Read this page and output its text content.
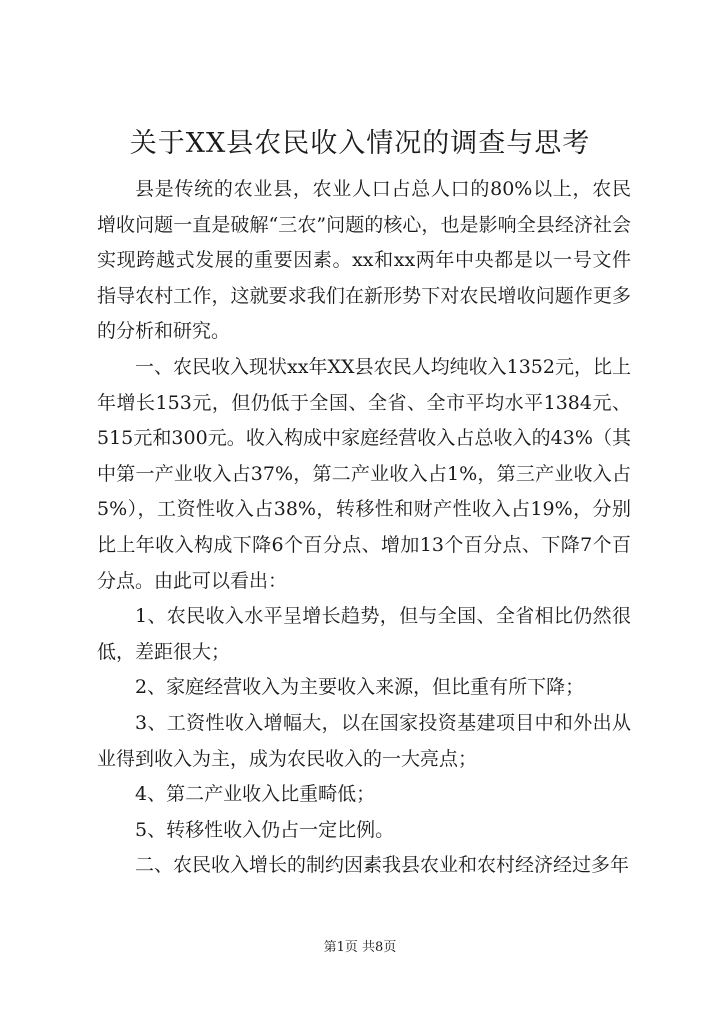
关于XX县农民收入情况的调查与思考

县是传统的农业县，农业人口占总人口的80%以上，农民增收问题一直是破解“三农”问题的核心，也是影响全县经济社会实现跨越式发展的重要因素。xx和xx两年中央都是以一号文件指导农村工作，这就要求我们在新形势下对农民增收问题作更多的分析和研究。

一、农民收入现状xx年XX县农民人均纯收入1352元，比上年增长153元，但仍低于全国、全省、全市平均水平1384元、515元和300元。收入构成中家庭经营收入占总收入的43%（其中第一产业收入占37%，第二产业收入占1%，第三产业收入占5%），工资性收入占38%，转移性和财产性收入占19%，分别比上年收入构成下降6个百分点、增加13个百分点、下降7个百分点。由此可以看出：

1、农民收入水平呈增长趋势，但与全国、全省相比仍然很低，差距很大；

2、家庭经营收入为主要收入来源，但比重有所下降；

3、工资性收入增幅大，以在国家投资基建项目中和外出从业得到收入为主，成为农民收入的一大亮点；

4、第二产业收入比重畸低；

5、转移性收入仍占一定比例。

二、农民收入增长的制约因素我县农业和农村经济经过多年

第1页 共8页
